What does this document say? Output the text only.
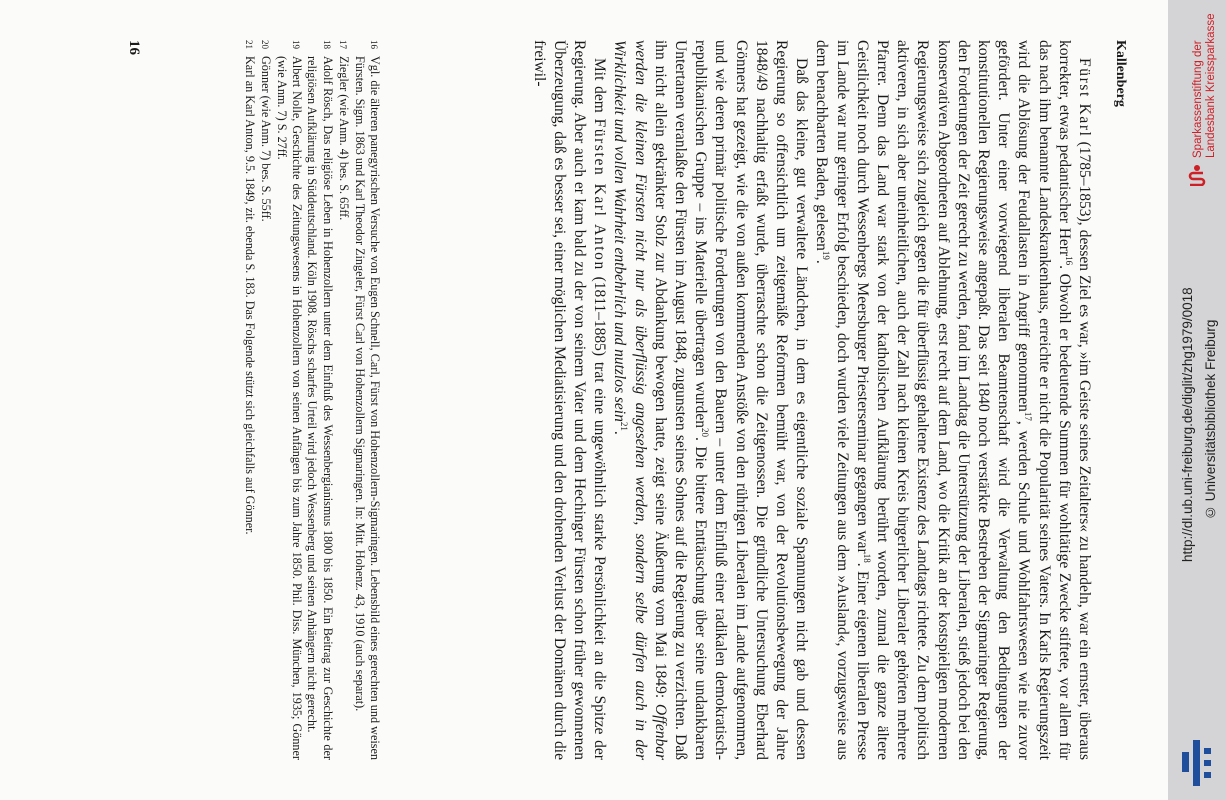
Kallenberg

Fürst Karl (1785–1853), dessen Ziel es war, »im Geiste seines Zeitalters« zu handeln, war ein ernster, überaus korrekter, etwas pedantischer Herr$^{16}$. Obwohl er bedeutende Summen für wohltätige Zwecke stiftete, vor allem für das nach ihm benannte Landeskrankenhaus, erreichte er nicht die Popularität seines Vaters. In Karls Regierungszeit wird die Ablösung der Feudallasten in Angriff genommen$^{17}$, werden Schule und Wohlfahrtswesen wie nie zuvor gefördert. Unter einer vorwiegend liberalen Beamtenschaft wird die Verwaltung den Bedingungen der konstitutionellen Regierungsweise angepaßt. Das seit 1840 noch verstärkte Bestreben der Sigmaringer Regierung, den Forderungen der Zeit gerecht zu werden, fand im Landtag die Unterstützung der Liberalen, stieß jedoch bei den konservativen Abgeordneten auf Ablehnung, erst recht auf dem Land, wo die Kritik an der kostspieligen modernen Regierungsweise sich zugleich gegen die für überflüssig gehaltene Existenz des Landtags richtete. Zu dem politisch aktiveren, in sich aber uneinheitlichen, auch der Zahl nach kleinen Kreis bürgerlicher Liberaler gehörten mehrere Pfarrer. Denn das Land war stark von der katholischen Aufklärung berührt worden, zumal die ganze ältere Geistlichkeit noch durch Wessenbergs Meersburger Priesterseminar gegangen war$^{18}$. Einer eigenen liberalen Presse im Lande war nur geringer Erfolg beschieden, doch wurden viele Zeitungen aus dem »Ausland«, vorzugsweise aus dem benachbarten Baden, gelesen$^{19}$.

Daß das kleine, gut verwaltete Ländchen, in dem es eigentliche soziale Spannungen nicht gab und dessen Regierung so offensichtlich um zeitgemäße Reformen bemüht war, von der Revolutionsbewegung der Jahre 1848/49 nachhaltig erfaßt wurde, überraschte schon die Zeitgenossen. Die gründliche Untersuchung Eberhard Gönners hat gezeigt, wie die von außen kommenden Anstöße von den rührigen Liberalen im Lande aufgenommen, und wie deren primär politische Forderungen von den Bauern – unter dem Einfluß einer radikalen demokratisch-republikanischen Gruppe – ins Materielle übertragen wurden$^{20}$. Die bittere Enttäuschung über seine undankbaren Untertanen veranlaßte den Fürsten im August 1848, zugunsten seines Sohnes auf die Regierung zu verzichten. Daß ihn nicht allein gekränkter Stolz zur Abdankung bewogen hatte, zeigt seine Äußerung vom Mai 1849: Offenbar werden die kleinen Fürsten nicht nur als überflüssig angesehen werden, sondern selbe dürfen auch in der Wirklichkeit und vollen Wahrheit entbehrlich und nutzlos sein$^{21}$.

Mit dem Fürsten Karl Anton (1811–1885) trat eine ungewöhnlich starke Persönlichkeit an die Spitze der Regierung. Aber auch er kam bald zu der von seinem Vater und dem Hechinger Fürsten schon früher gewonnenen Überzeugung, daß es besser sei, einer möglichen Mediatisierung und den drohenden Verlust der Domänen durch die freiwil-

16
Vgl. die älteren panegyrischen Versuche von Eugen Schnell, Carl, Fürst von Hohenzollern-Sigmaringen. Lebensbild eines gerechten und weisen Fürsten. Sigm. 1863 und Karl Theodor Zingeler, Fürst Carl von Hohenzollern Sigmaringen. In: Mitt. Hohenz. 43, 1910 (auch separat).
17
Ziegler (wie Anm. 4) bes. S. 65ff.
18
Adolf Rösch, Das religiöse Leben in Hohenzollern unter dem Einfluß des Wessenbergianismus 1800 bis 1850. Ein Beitrag zur Geschichte der religiösen Aufklärung in Süddeutschland. Köln 1908. Röschs scharfes Urteil wird jedoch Wessenberg und seinen Anhängern nicht gerecht.
19
Albert Nolle, Geschichte des Zeitungswesens in Hohenzollern von seinen Anfängen bis zum Jahre 1850. Phil. Diss. München, 1935; Gönner (wie Anm. 7) S. 27ff.
20
Gönner (wie Anm. 7) bes. S. 55ff.
21
Karl an Karl Anton, 9.5. 1849, zit. ebenda S. 183. Das Folgende stützt sich gleichfalls auf Gönner.
16	Sparkassenstiftung der
Landesbank Kreissparkasse
http://dl.ub.uni-freiburg.de/diglit/zhg1979/0018 © Universitätsbibliothek Freiburg
